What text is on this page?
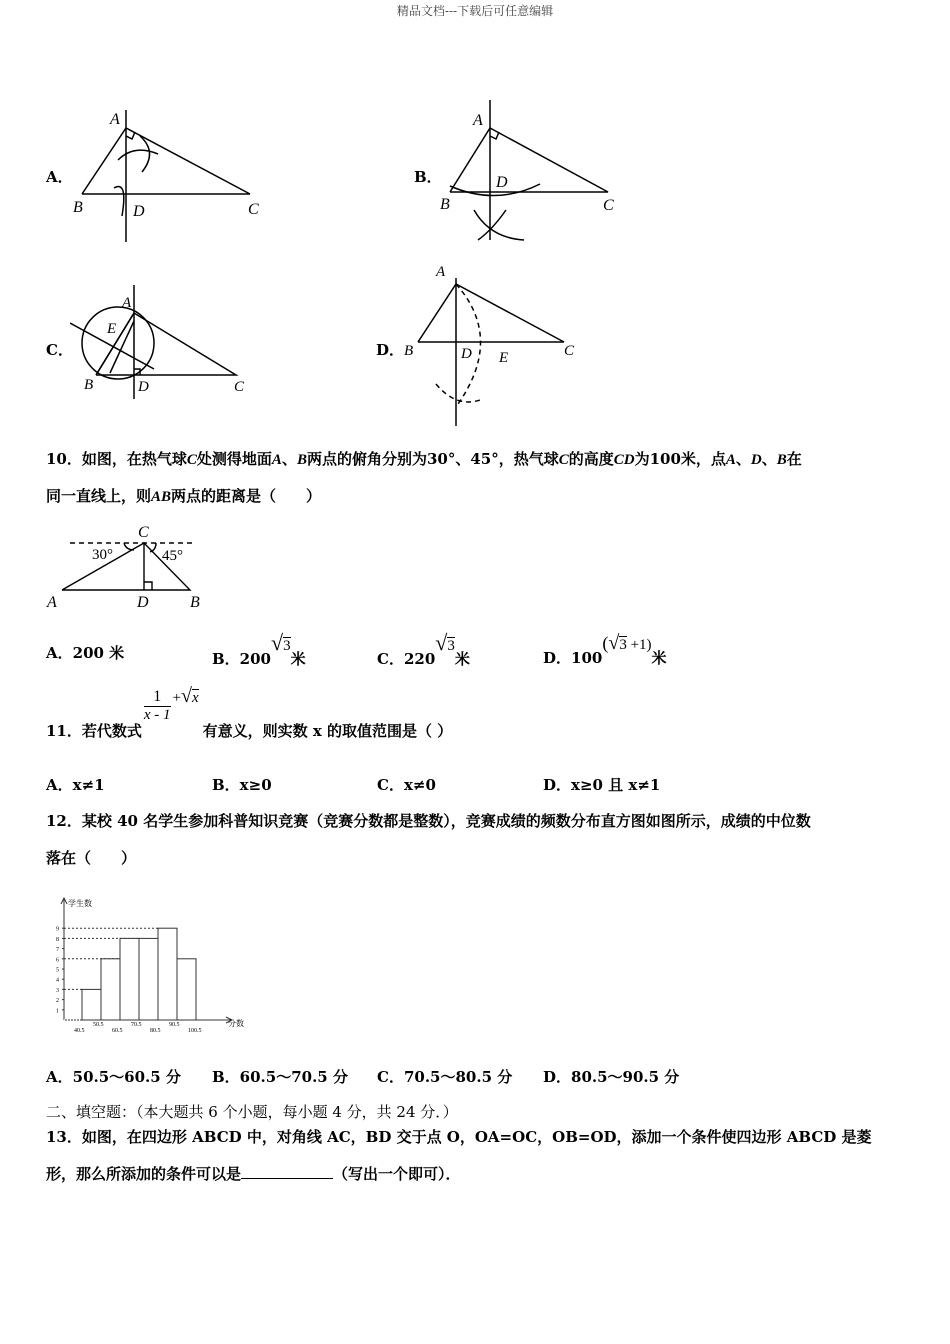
精品文档---下载后可任意编辑
A．
A
B	D	C
B．
A
B
D
C
C．
A
E
B	D	C
D．
A
B	D E	C
10．如图，在热气球C处测得地面A、B两点的俯角分别为30°、45°，热气球C的高度CD为100米，点A、D、B在
同一直线上，则AB两点的距离是（　　）
C
30°	45°
A	D	B
A．200 米	B．200√3米	C．220√3米	D．100(√3 +1)米
11．若代数式
$\frac{1}{x - 1} +√x$有意义，则实数 x 的取值范围是（ ）
A．x≠1	B．x≥0	C．x≠0	D．x≥0 且 x≠1
12．某校 40 名学生参加科普知识竞赛（竞赛分数都是整数），竞赛成绩的频数分布直方图如图所示，成绩的中位数
落在（　　）
学生数
分数
1
2
3
4
5
6
7
8
9
40.5
50.5
60.5
70.5
80.5
90.5
100.5
A．50.5～60.5 分 B．60.5～70.5 分 C．70.5～80.5 分 D．80.5～90.5 分
二、填空题：（本大题共 6 个小题，每小题 4 分，共 24 分．）
13．如图，在四边形 ABCD 中，对角线 AC，BD 交于点 O，OA=OC，OB=OD，添加一个条件使四边形 ABCD 是菱
形，那么所添加的条件可以是	（写出一个即可）．
